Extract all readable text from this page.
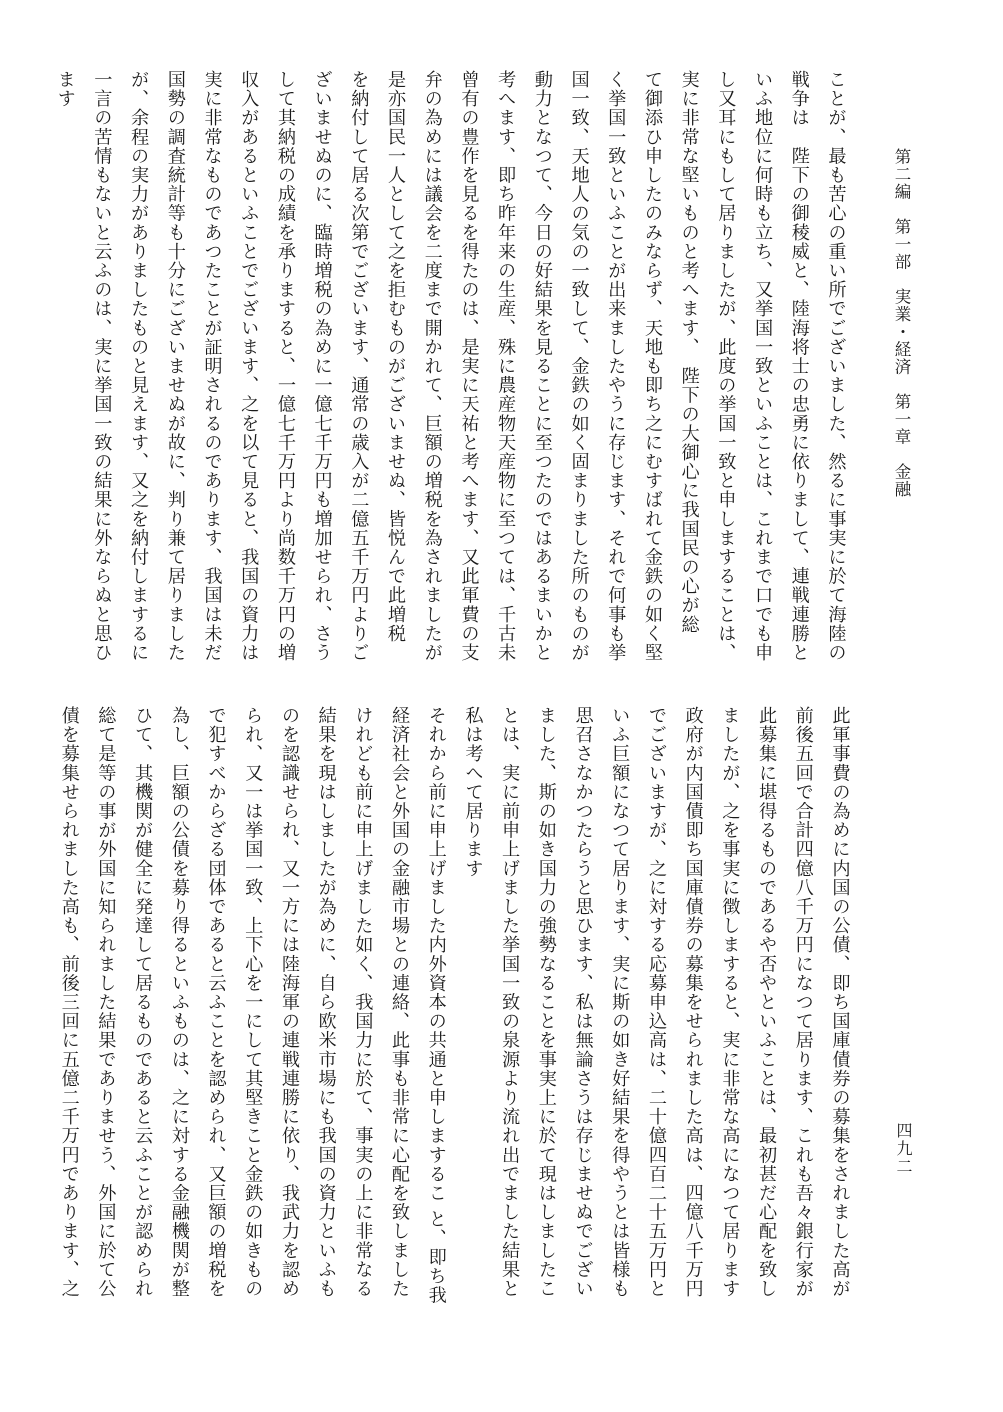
第二編　第一部　実業・経済　第一章　金融
四九二
ことが、最も苦心の重い所でございました、然るに事実に於て海陸の
戦争は　陛下の御稜威と、陸海将士の忠勇に依りまして、連戦連勝と
いふ地位に何時も立ち、又挙国一致といふことは、これまで口でも申
し又耳にもして居りましたが、此度の挙国一致と申しますることは、
実に非常な堅いものと考へます、　陛下の大御心に我国民の心が総
て御添ひ申したのみならず、天地も即ち之にむすばれて金鉄の如く堅
く挙国一致といふことが出来ましたやうに存じます、それで何事も挙
国一致、天地人の気の一致して、金鉄の如く固まりました所のものが
動力となつて、今日の好結果を見ることに至つたのではあるまいかと
考へます、即ち昨年来の生産、殊に農産物天産物に至つては、千古未
曾有の豊作を見るを得たのは、是実に天祐と考へます、又此軍費の支
弁の為めには議会を二度まで開かれて、巨額の増税を為されましたが
是亦国民一人として之を拒むものがございませぬ、皆悦んで此増税
を納付して居る次第でございます、通常の歳入が二億五千万円よりご
ざいませぬのに、臨時増税の為めに一億七千万円も増加せられ、さう
して其納税の成績を承りますると、一億七千万円より尚数千万円の増
収入があるといふことでございます、之を以て見ると、我国の資力は
実に非常なものであつたことが証明されるのであります、我国は未だ
国勢の調査統計等も十分にございませぬが故に、判り兼て居りました
が、余程の実力がありましたものと見えます、又之を納付しまするに
一言の苦情もないと云ふのは、実に挙国一致の結果に外ならぬと思ひ
ます
此軍事費の為めに内国の公債、即ち国庫債券の募集をされました高が
前後五回で合計四億八千万円になつて居ります、これも吾々銀行家が
此募集に堪得るものであるや否やといふことは、最初甚だ心配を致し
ましたが、之を事実に徴しますると、実に非常な高になつて居ります
政府が内国債即ち国庫債券の募集をせられました高は、四億八千万円
でございますが、之に対する応募申込高は、二十億四百二十五万円と
いふ巨額になつて居ります、実に斯の如き好結果を得やうとは皆様も
思召さなかつたらうと思ひます、私は無論さうは存じませぬでござい
ました、斯の如き国力の強勢なることを事実上に於て現はしましたこ
とは、実に前申上げました挙国一致の泉源より流れ出でました結果と
私は考へて居ります
それから前に申上げました内外資本の共通と申しまするこ と、即ち我
経済社会と外国の金融市場との連絡、此事も非常に心配を致しました
けれども前に申上げました如く、我国力に於て、事実の上に非常なる
結果を現はしましたが為めに、自ら欧米市場にも我国の資力といふも
のを認識せられ、又一方には陸海軍の連戦連勝に依り、我武力を認め
られ、又一は挙国一致、上下心を一にして其堅きこと金鉄の如きもの
で犯すべからざる団体であると云ふことを認められ、又巨額の増税を
為し、巨額の公債を募り得るといふものは、之に対する金融機関が整
ひて、其機関が健全に発達して居るものであると云ふことが認められ
総て是等の事が外国に知られました結果でありませう、外国に於て公
債を募集せられました高も、前後三回に五億二千万円であります、之
